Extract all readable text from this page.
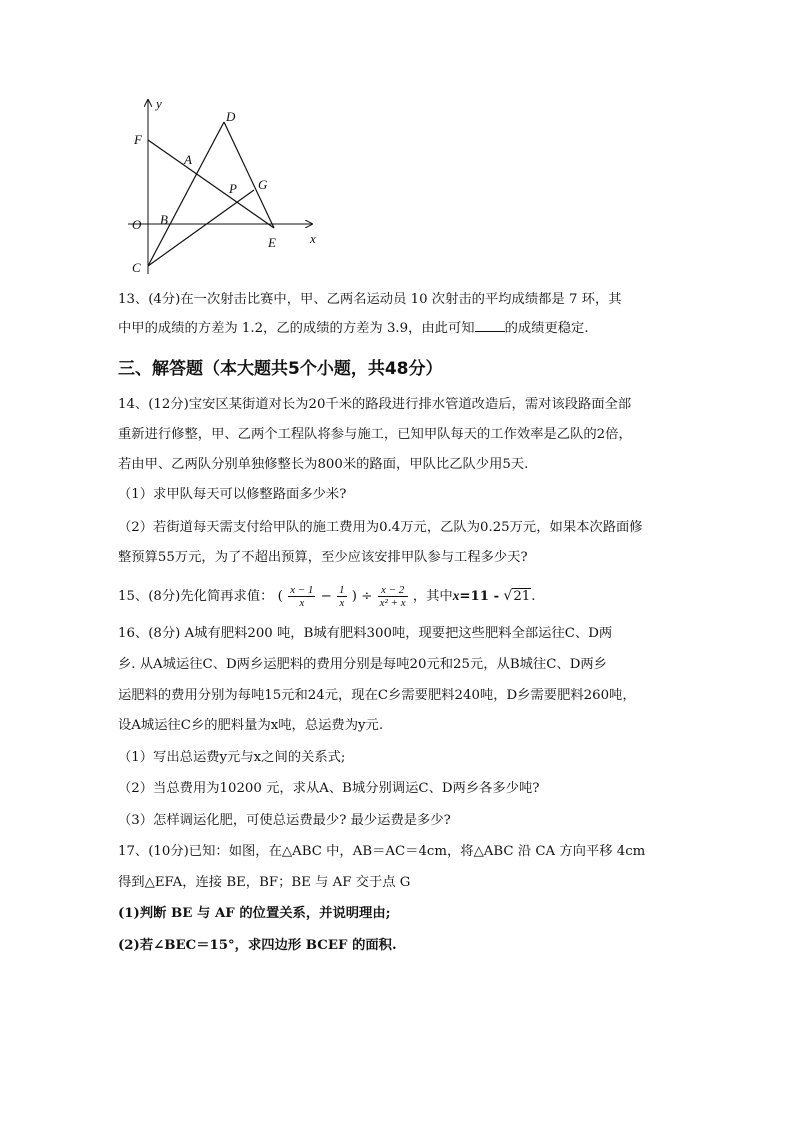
y
D
F
A
P G
O B
E	x
C
13、(4分)在一次射击比赛中，甲、乙两名运动员 10 次射击的平均成绩都是 7 环，其
中甲的成绩的方差为 1.2，乙的成绩的方差为 3.9，由此可知 的成绩更稳定.
三、解答题（本大题共5个小题，共48分）
14、(12分)宝安区某街道对长为20千米的路段进行排水管道改造后，需对该段路面全部
重新进行修整，甲、乙两个工程队将参与施工，已知甲队每天的工作效率是乙队的2倍，
若由甲、乙两队分别单独修整长为800米的路面，甲队比乙队少用5天.
（1）求甲队每天可以修整路面多少米?
（2）若街道每天需支付给甲队的施工费用为0.4万元，乙队为0.25万元，如果本次路面修
整预算55万元，为了不超出预算，至少应该安排甲队参与工程多少天?
15、(8分)先化简再求值： ( $\frac{x - 1}{x} - \frac{1}{x}$ ) ÷ $\frac{x - 2}{\text{x² + x}}$ ，其中x=11 - √21.
16、(8分) A城有肥料200 吨，B城有肥料300吨，现要把这些肥料全部运往C、D两
乡. 从A城运往C、D两乡运肥料的费用分别是每吨20元和25元，从B城往C、D两乡
运肥料的费用分别为每吨15元和24元，现在C乡需要肥料240吨，D乡需要肥料260吨，
设A城运往C乡的肥料量为x吨，总运费为y元.
（1）写出总运费y元与x之间的关系式;
（2）当总费用为10200 元，求从A、B城分别调运C、D两乡各多少吨?
（3）怎样调运化肥，可使总运费最少? 最少运费是多少?
17、(10分)已知：如图，在△ABC 中，AB＝AC＝4cm，将△ABC 沿 CA 方向平移 4cm
得到△EFA，连接 BE，BF；BE 与 AF 交于点 G
(1)判断 BE 与 AF 的位置关系，并说明理由;
(2)若∠BEC＝15°，求四边形 BCEF 的面积.
